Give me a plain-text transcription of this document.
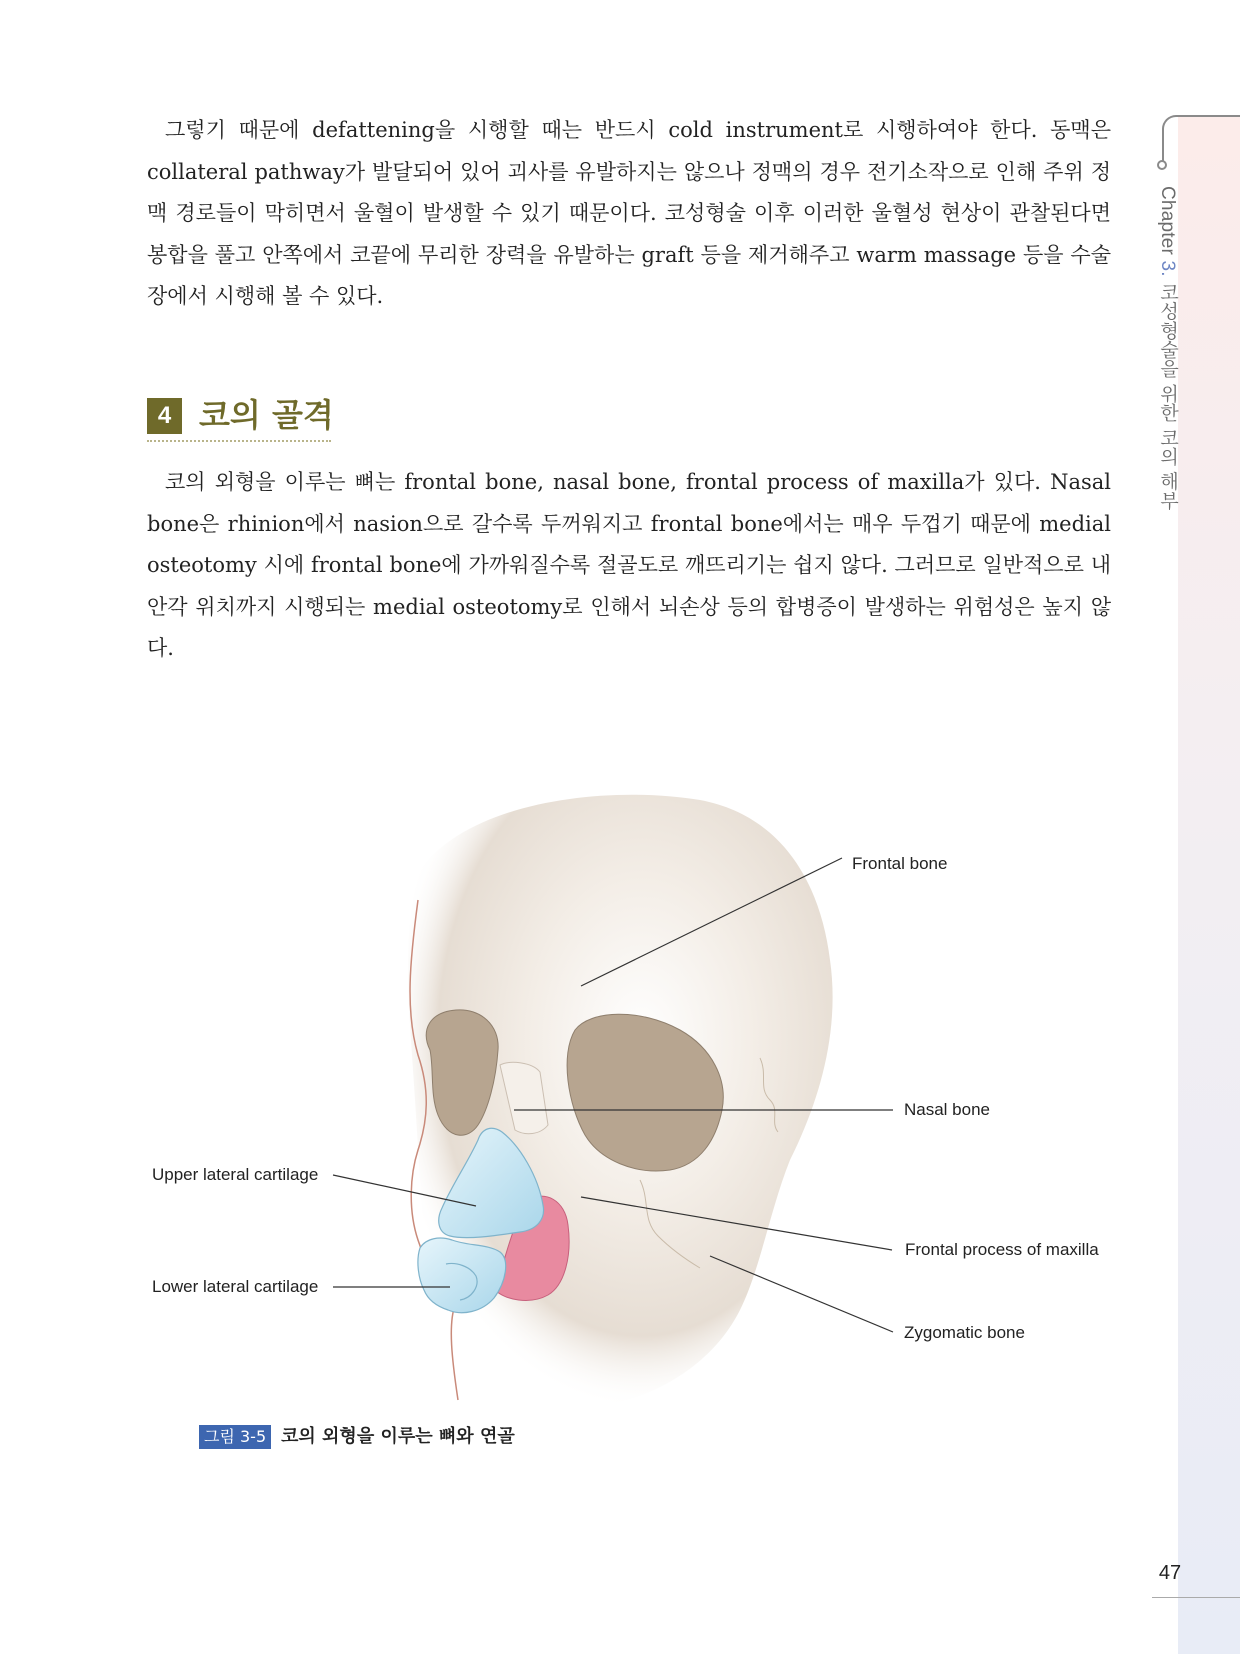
Chapter 3. 코성형술을 위한 코의 해부

그렇기 때문에 defattening을 시행할 때는 반드시 cold instrument로 시행하여야 한다. 동맥은 collateral pathway가 발달되어 있어 괴사를 유발하지는 않으나 정맥의 경우 전기소작으로 인해 주위 정맥 경로들이 막히면서 울혈이 발생할 수 있기 때문이다. 코성형술 이후 이러한 울혈성 현상이 관찰된다면 봉합을 풀고 안쪽에서 코끝에 무리한 장력을 유발하는 graft 등을 제거해주고 warm massage 등을 수술장에서 시행해 볼 수 있다.

4 코의 골격

코의 외형을 이루는 뼈는 frontal bone, nasal bone, frontal process of maxilla가 있다. Nasal bone은 rhinion에서 nasion으로 갈수록 두꺼워지고 frontal bone에서는 매우 두껍기 때문에 medial osteotomy 시에 frontal bone에 가까워질수록 절골도로 깨뜨리기는 쉽지 않다. 그러므로 일반적으로 내안각 위치까지 시행되는 medial osteotomy로 인해서 뇌손상 등의 합병증이 발생하는 위험성은 높지 않다.

Frontal bone
Nasal bone
Upper lateral cartilage
Lower lateral cartilage
Frontal process of maxilla
Zygomatic bone
그림 3-5 코의 외형을 이루는 뼈와 연골
47
